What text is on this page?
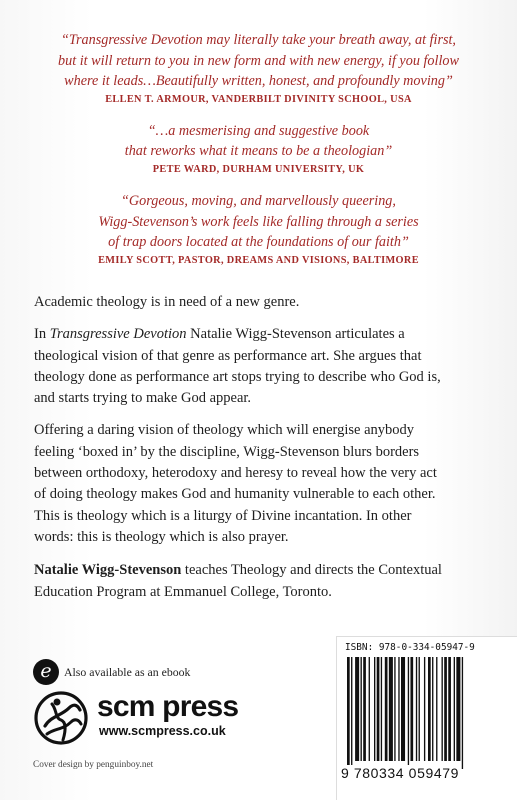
“Transgressive Devotion may literally take your breath away, at first,
but it will return to you in new form and with new energy, if you follow
where it leads…Beautifully written, honest, and profoundly moving”
ELLEN T. ARMOUR, VANDERBILT DIVINITY SCHOOL, USA
“…a mesmerising and suggestive book
that reworks what it means to be a theologian”
PETE WARD, DURHAM UNIVERSITY, UK
“Gorgeous, moving, and marvellously queering,
Wigg-Stevenson’s work feels like falling through a series
of trap doors located at the foundations of our faith”
EMILY SCOTT, PASTOR, DREAMS AND VISIONS, BALTIMORE

Academic theology is in need of a new genre.

In Transgressive Devotion Natalie Wigg-Stevenson articulates a
theological vision of that genre as performance art. She argues that
theology done as performance art stops trying to describe who God is,
and starts trying to make God appear.

Offering a daring vision of theology which will energise anybody
feeling ‘boxed in’ by the discipline, Wigg-Stevenson blurs borders
between orthodoxy, heterodoxy and heresy to reveal how the very act
of doing theology makes God and humanity vulnerable to each other.
This is theology which is a liturgy of Divine incantation. In other
words: this is theology which is also prayer.

Natalie Wigg-Stevenson teaches Theology and directs the Contextual
Education Program at Emmanuel College, Toronto.

e	Also available as an ebook
scm press
www.scmpress.co.uk
Cover design by penguinboy.net
ISBN: 978-0-334-05947-9
9 780334 059479
